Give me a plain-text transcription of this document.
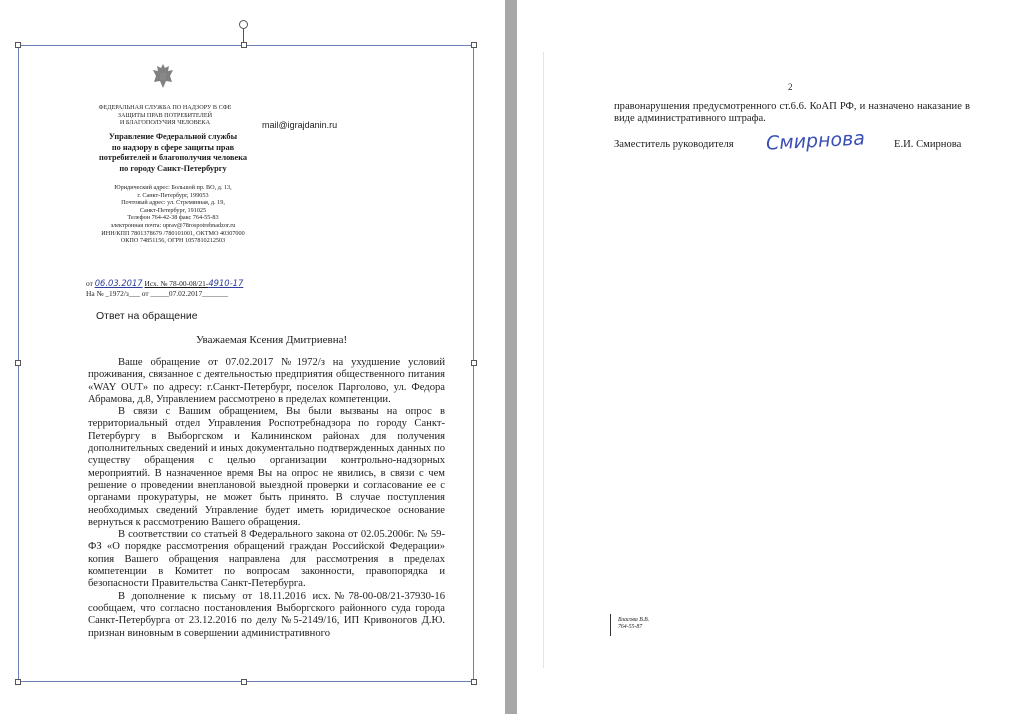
ФЕДЕРАЛЬНАЯ СЛУЖБА ПО НАДЗОРУ В СФЕ
ЗАЩИТЫ ПРАВ ПОТРЕБИТЕЛЕЙ
И БЛАГОПОЛУЧИЯ ЧЕЛОВЕКА	mail@igrajdanin.ru
Управление Федеральной службы
по надзору в сфере защиты прав
потребителей и благополучия человека
по городу Санкт-Петербургу
Юридический адрес: Большой пр. ВО, д. 13,
г. Санкт-Петербург, 199053
Почтовый адрес: ул. Стремянная, д. 19,
Санкт-Петербург, 191025
Телефон 764-42-38 факс 764-55-83
электронная почта: uprav@78rospotrebnadzor.ru
ИНН/КПП 7801378679 /780101001, ОКТМО 40307000
ОКПО 74851156, ОГРН 1057810212503
от 06.03.2017 Исх. № 78-00-08/21-4910-17
На № _1972/з___ от _____07.02.2017_______
Ответ на обращение
Уважаемая Ксения Дмитриевна!
Ваше обращение от 07.02.2017 №1972/з на ухудшение условий проживания, связанное с деятельностью предприятия общественного питания «WAY OUT» по адресу: г.Санкт-Петербург, поселок Парголово, ул. Федора Абрамова, д.8, Управлением рассмотрено в пределах компетенции.
В связи с Вашим обращением, Вы были вызваны на опрос в территориальный отдел Управления Роспотребнадзора по городу Санкт-Петербургу в Выборгском и Калининском районах для получения дополнительных сведений и иных документально подтвержденных данных по существу обращения с целью организации контрольно-надзорных мероприятий. В назначенное время Вы на опрос не явились, в связи с чем решение о проведении внеплановой выездной проверки и согласование ее с органами прокуратуры, не может быть принято. В случае поступления необходимых сведений Управление будет иметь юридическое основание вернуться к рассмотрению Вашего обращения.
В соответствии со статьей 8 Федерального закона от 02.05.2006г. № 59-ФЗ «О порядке рассмотрения обращений граждан Российской Федерации» копия Вашего обращения направлена для рассмотрения в пределах компетенции в Комитет по вопросам законности, правопорядка и безопасности Правительства Санкт-Петербурга.
В дополнение к письму от 18.11.2016 исх.№78-00-08/21-37930-16 сообщаем, что согласно постановления Выборгского районного суда города Санкт-Петербурга от 23.12.2016 по делу №5-2149/16, ИП Кривоногов Д.Ю. признан виновным в совершении административного
2
правонарушения предусмотренного ст.6.6. КоАП РФ, и назначено наказание в виде административного штрафа.
Заместитель руководителя Смирнова	Е.И. Смирнова
Власова В.В.
764-55-87
